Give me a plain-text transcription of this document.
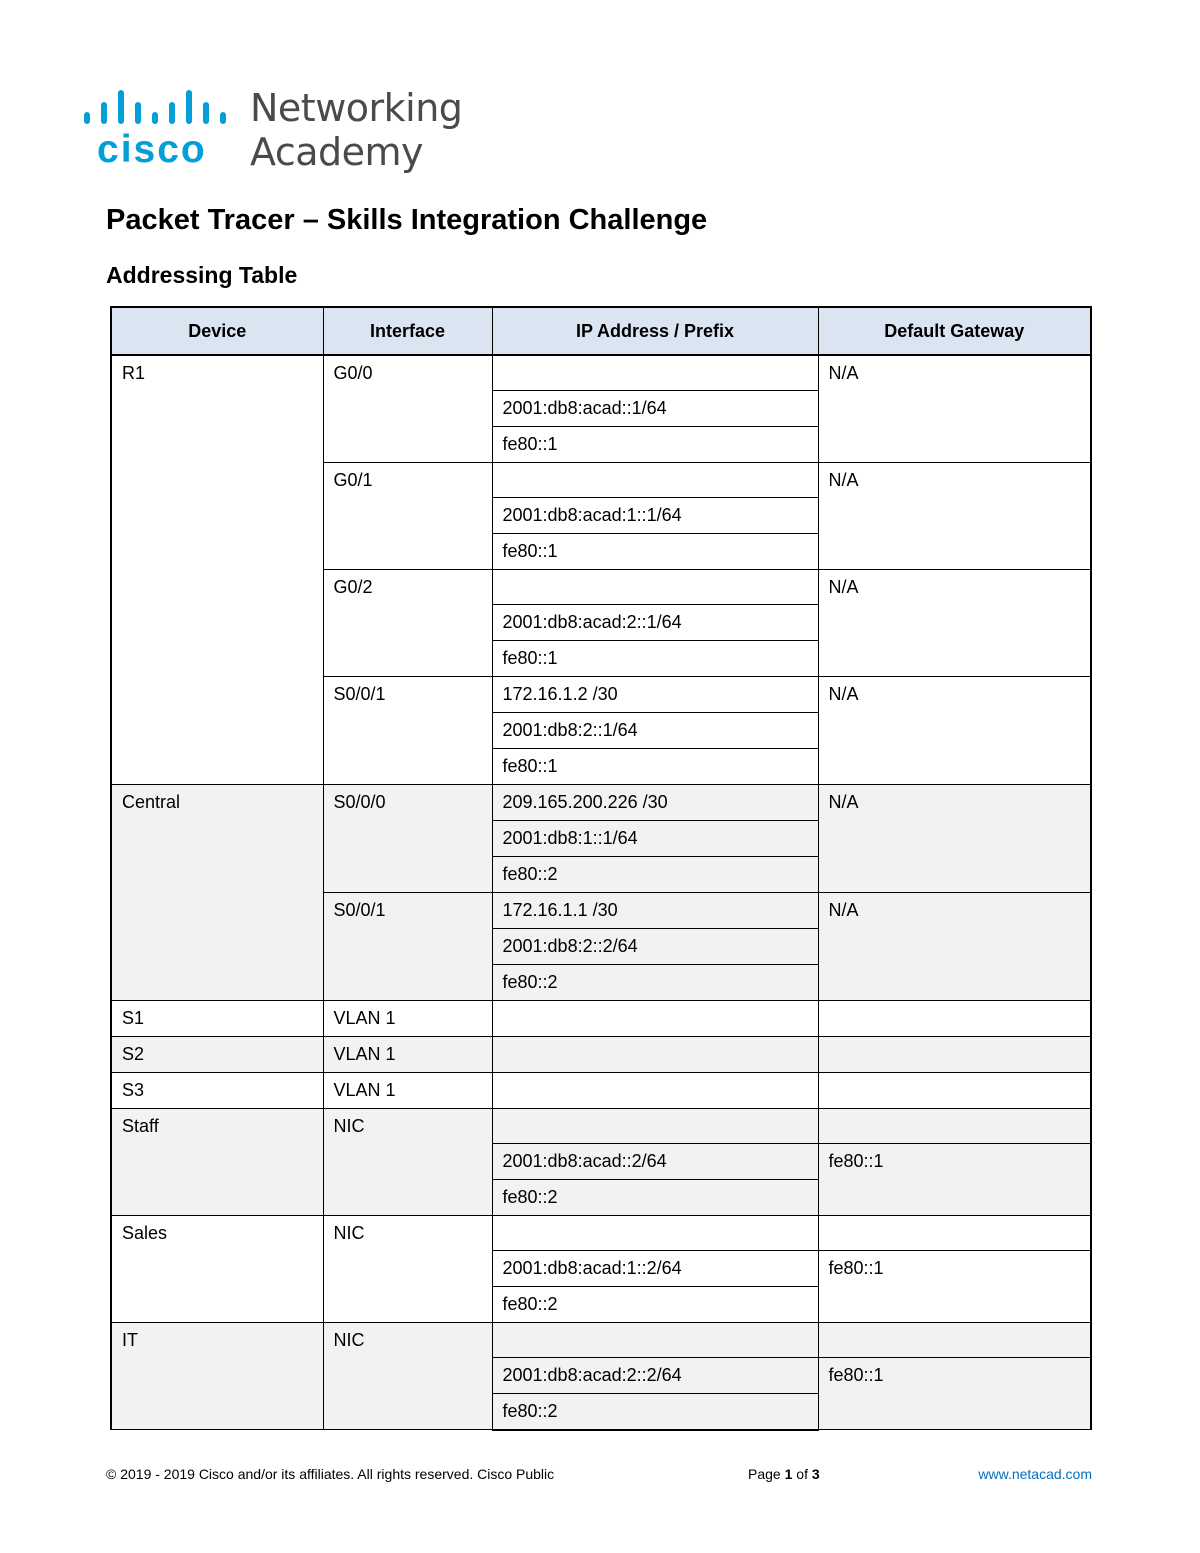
cisco
Networking
Academy
Packet Tracer – Skills Integration Challenge
Addressing Table
Device	Interface	IP Address / Prefix	Default Gateway
R1	G0/0		N/A
		2001:db8:acad::1/64	
		fe80::1	
	G0/1		N/A
		2001:db8:acad:1::1/64	
		fe80::1	
	G0/2		N/A
		2001:db8:acad:2::1/64	
		fe80::1	
	S0/0/1	172.16.1.2 /30	N/A
		2001:db8:2::1/64	
		fe80::1	
Central	S0/0/0	209.165.200.226 /30	N/A
		2001:db8:1::1/64	
		fe80::2	
	S0/0/1	172.16.1.1 /30	N/A
		2001:db8:2::2/64	
		fe80::2	
S1	VLAN 1		
S2	VLAN 1		
S3	VLAN 1		
Staff	NIC		
		2001:db8:acad::2/64	fe80::1
		fe80::2	
Sales	NIC		
		2001:db8:acad:1::2/64	fe80::1
		fe80::2	
IT	NIC		
		2001:db8:acad:2::2/64	fe80::1
		fe80::2	
© 2019 - 2019 Cisco and/or its affiliates. All rights reserved. Cisco Public	Page 1 of 3	www.netacad.com
